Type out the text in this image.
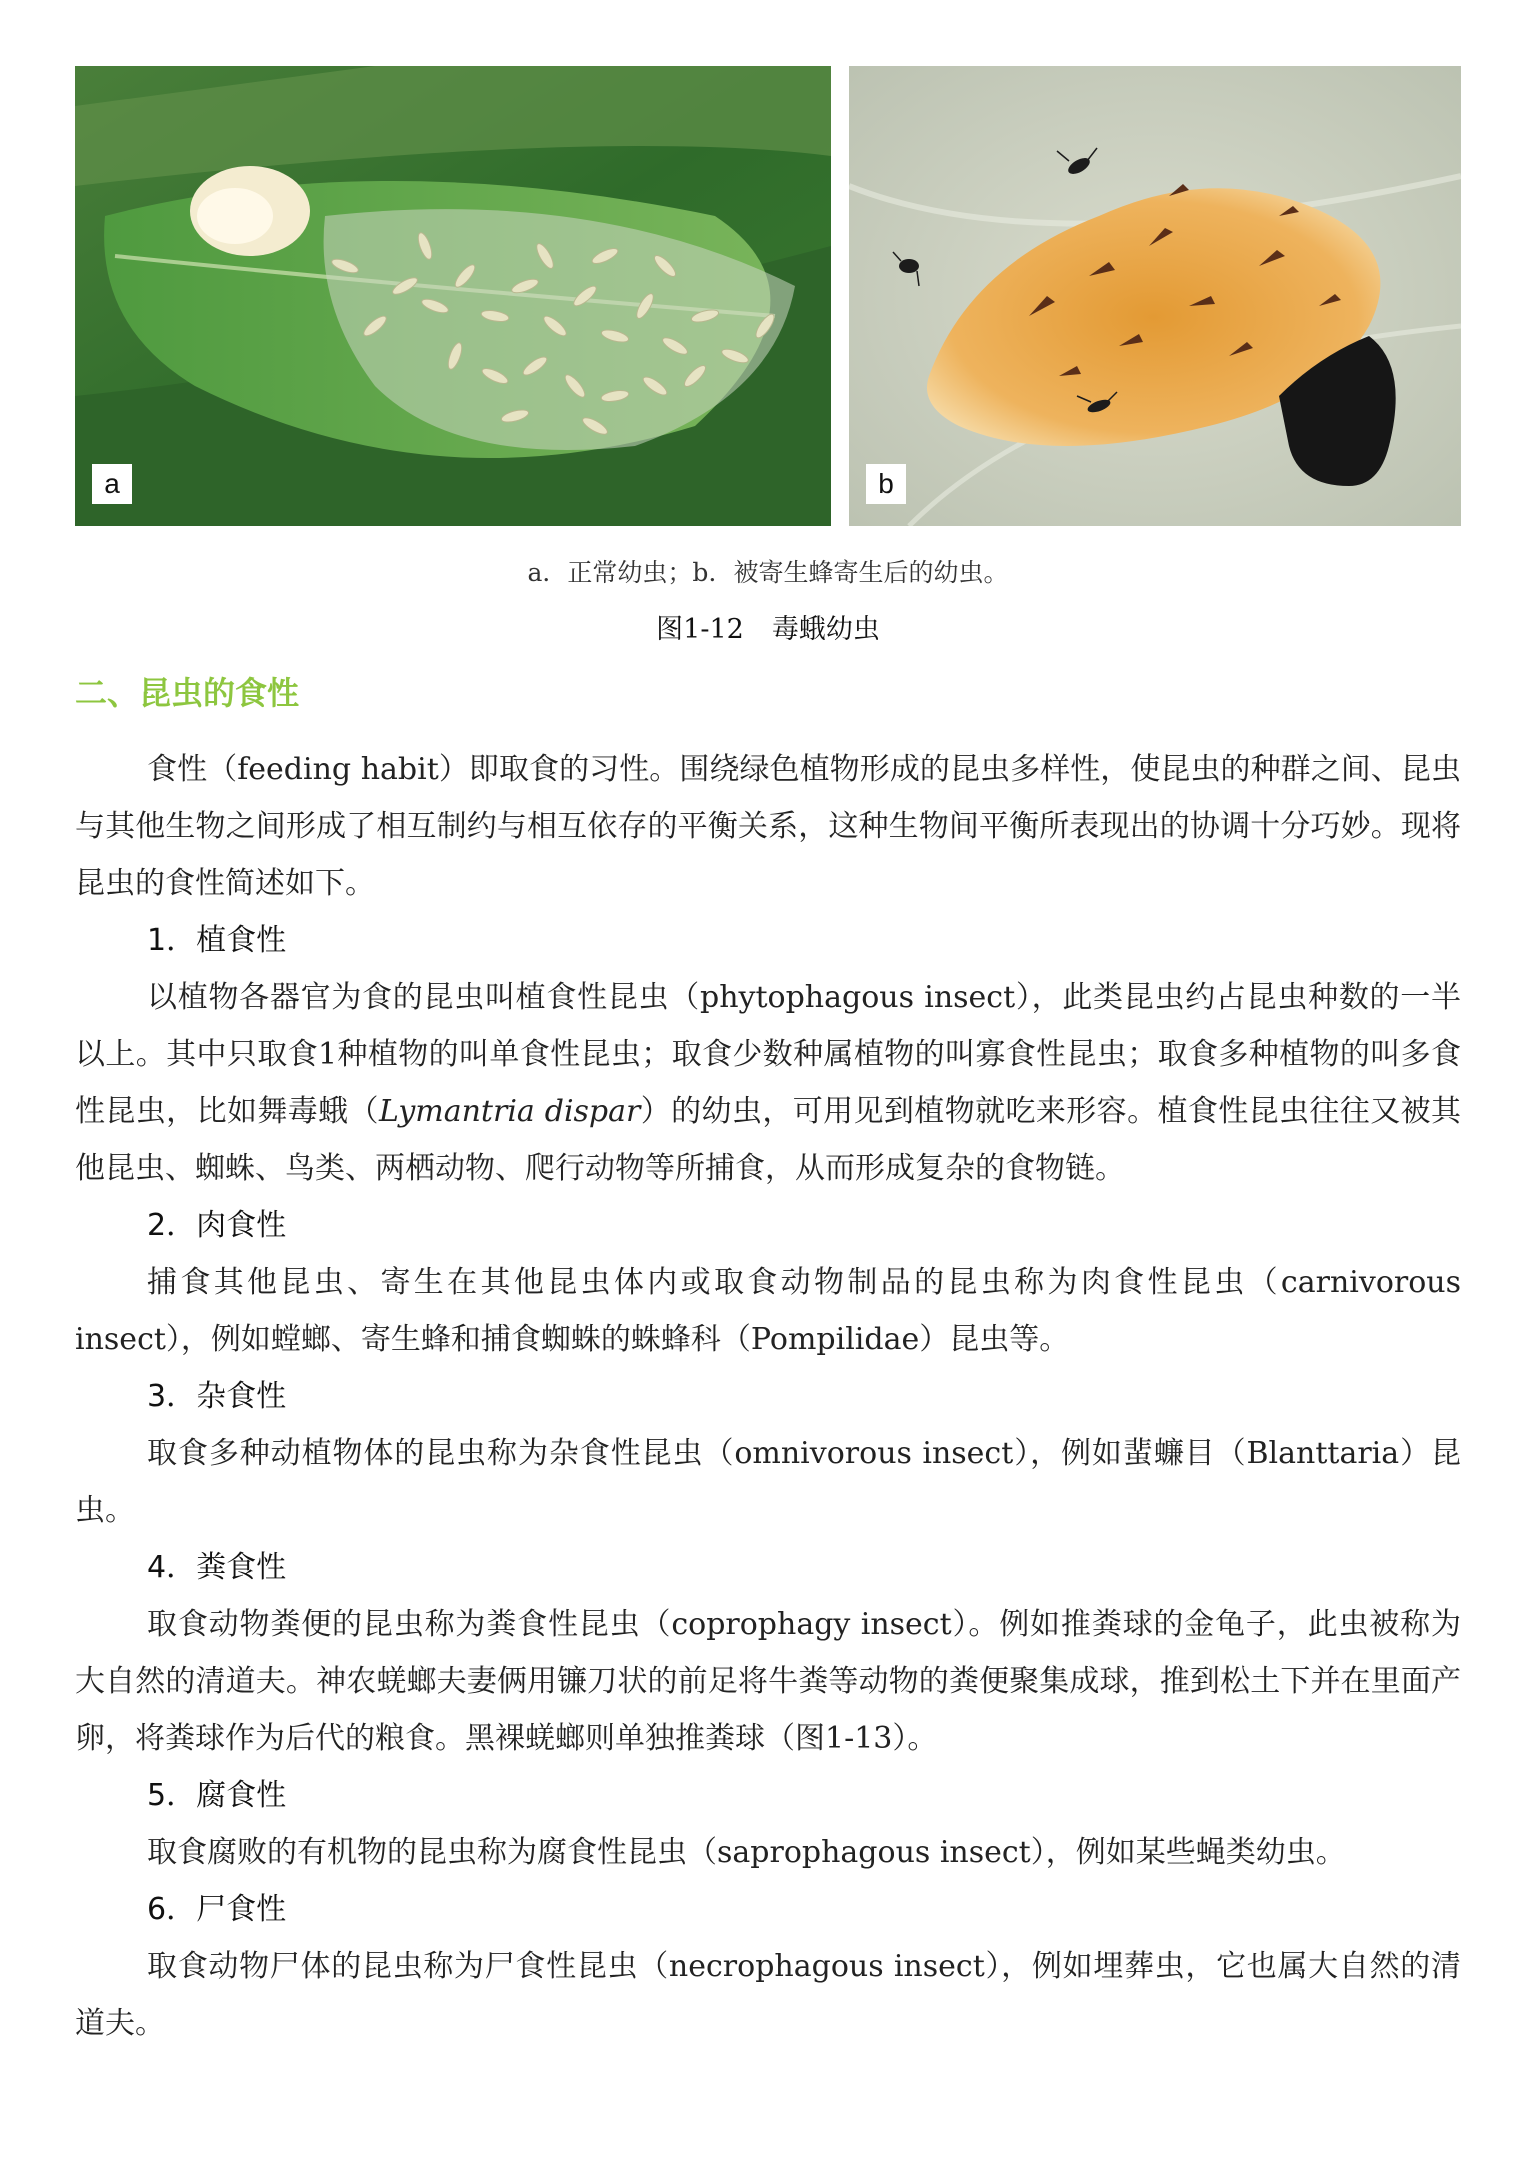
a	b
a．正常幼虫；b．被寄生蜂寄生后的幼虫。
图1-12 毒蛾幼虫
二、昆虫的食性

食性（feeding habit）即取食的习性。围绕绿色植物形成的昆虫多样性，使昆虫的种群之间、昆虫与其他生物之间形成了相互制约与相互依存的平衡关系，这种生物间平衡所表现出的协调十分巧妙。现将昆虫的食性简述如下。

1．植食性

以植物各器官为食的昆虫叫植食性昆虫（phytophagous insect），此类昆虫约占昆虫种数的一半以上。其中只取食1种植物的叫单食性昆虫；取食少数种属植物的叫寡食性昆虫；取食多种植物的叫多食性昆虫，比如舞毒蛾（Lymantria dispar）的幼虫，可用见到植物就吃来形容。植食性昆虫往往又被其他昆虫、蜘蛛、鸟类、两栖动物、爬行动物等所捕食，从而形成复杂的食物链。

2．肉食性

捕食其他昆虫、寄生在其他昆虫体内或取食动物制品的昆虫称为肉食性昆虫（carnivorous insect），例如螳螂、寄生蜂和捕食蜘蛛的蛛蜂科（Pompilidae）昆虫等。

3．杂食性

取食多种动植物体的昆虫称为杂食性昆虫（omnivorous insect），例如蜚蠊目（Blanttaria）昆虫。

4．粪食性

取食动物粪便的昆虫称为粪食性昆虫（coprophagy insect）。例如推粪球的金龟子，此虫被称为大自然的清道夫。神农蜣螂夫妻俩用镰刀状的前足将牛粪等动物的粪便聚集成球，推到松土下并在里面产卵，将粪球作为后代的粮食。黑裸蜣螂则单独推粪球（图1-13）。

5．腐食性

取食腐败的有机物的昆虫称为腐食性昆虫（saprophagous insect），例如某些蝇类幼虫。

6．尸食性

取食动物尸体的昆虫称为尸食性昆虫（necrophagous insect），例如埋葬虫，它也属大自然的清道夫。
